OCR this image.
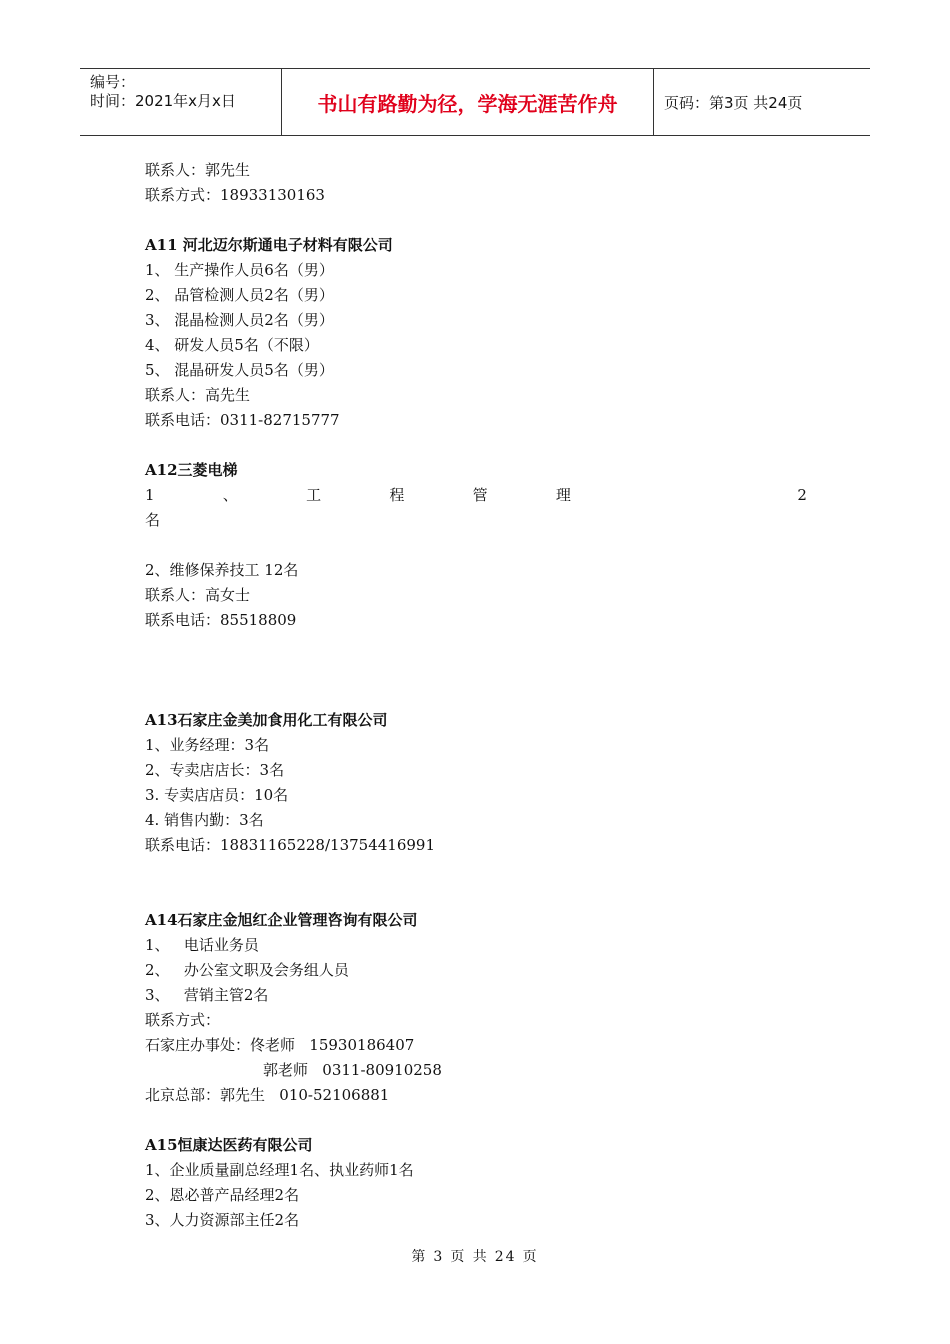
编号：
时间：2021年x月x日	书山有路勤为径，学海无涯苦作舟	页码：第3页 共24页
联系人：郭先生
联系方式：18933130163
A11 河北迈尔斯通电子材料有限公司
1、 生产操作人员6名（男）
2、 品管检测人员2名（男）
3、 混晶检测人员2名（男）
4、 研发人员5名（不限）
5、 混晶研发人员5名（男）
联系人：高先生
联系电话：0311-82715777
A12三菱电梯
1	、	工	程	管	理	2
名
2、维修保养技工 12名
联系人：高女士
联系电话：85518809
A13石家庄金美加食用化工有限公司
1、业务经理：3名
2、专卖店店长：3名
3. 专卖店店员：10名
4. 销售内勤：3名
联系电话：18831165228/13754416991
A14石家庄金旭红企业管理咨询有限公司
1、   电话业务员
2、   办公室文职及会务组人员
3、   营销主管2名
联系方式：
石家庄办事处：佟老师   15930186407
郭老师   0311-80910258
北京总部：郭先生   010-52106881
A15恒康达医药有限公司
1、企业质量副总经理1名、执业药师1名
2、恩必普产品经理2名
3、人力资源部主任2名
第 3 页 共 24 页
